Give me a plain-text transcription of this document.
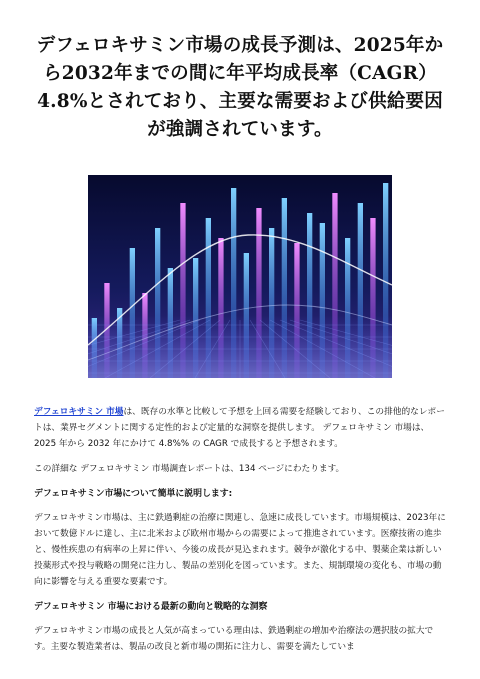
デフェロキサミン市場の成長予測は、2025年から2032年までの間に年平均成長率（CAGR）4.8%とされており、主要な需要および供給要因が強調されています。

デフェロキサミン 市場は、既存の水準と比較して予想を上回る需要を経験しており、この排他的なレポートは、業界セグメントに関する定性的および定量的な洞察を提供します。 デフェロキサミン 市場は、2025 年から 2032 年にかけて 4.8%% の CAGR で成長すると予想されます。

この詳細な デフェロキサミン 市場調査レポートは、134 ページにわたります。

デフェロキサミン市場について簡単に説明します:

デフェロキサミン市場は、主に鉄過剰症の治療に関連し、急速に成長しています。市場規模は、2023年において数億ドルに達し、主に北米および欧州市場からの需要によって推進されています。医療技術の進歩と、慢性疾患の有病率の上昇に伴い、今後の成長が見込まれます。競争が激化する中、製薬企業は新しい投薬形式や投与戦略の開発に注力し、製品の差別化を図っています。また、規制環境の変化も、市場の動向に影響を与える重要な要素です。

デフェロキサミン 市場における最新の動向と戦略的な洞察

デフェロキサミン市場の成長と人気が高まっている理由は、鉄過剰症の増加や治療法の選択肢の拡大です。主要な製造業者は、製品の改良と新市場の開拓に注力し、需要を満たしていま
